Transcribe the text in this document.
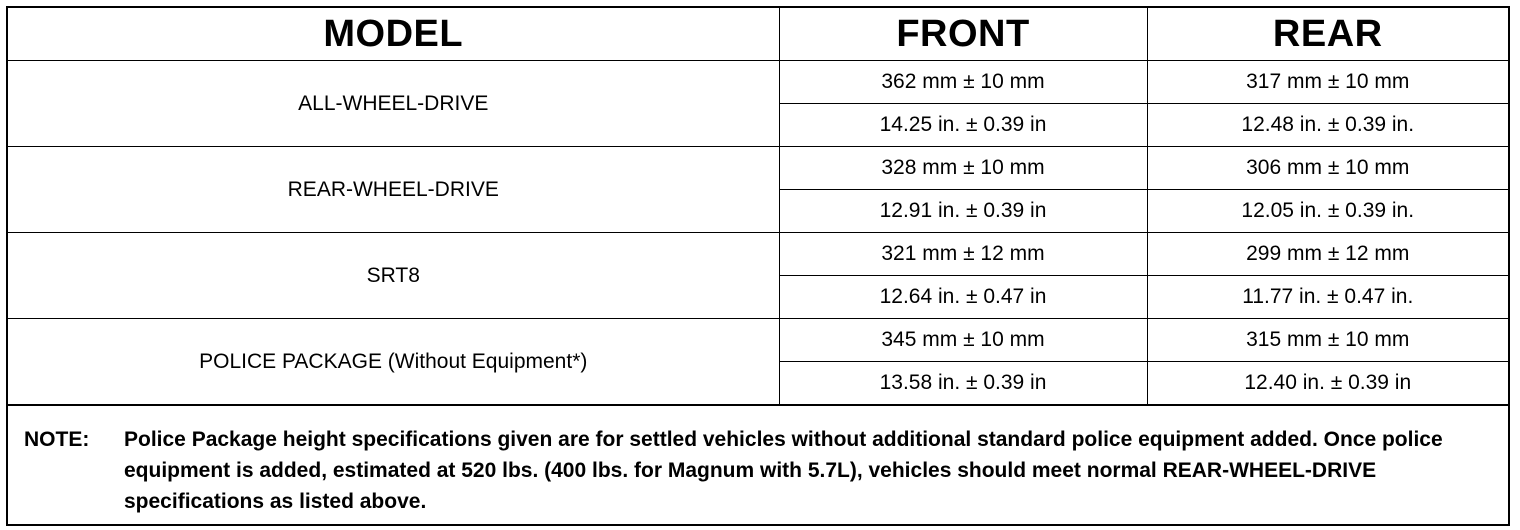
MODEL	FRONT	REAR
ALL-WHEEL-DRIVE	362 mm ± 10 mm	317 mm ± 10 mm
	14.25 in. ± 0.39 in	12.48 in. ± 0.39 in.
REAR-WHEEL-DRIVE	328 mm ± 10 mm	306 mm ± 10 mm
	12.91 in. ± 0.39 in	12.05 in. ± 0.39 in.
SRT8	321 mm ± 12 mm	299 mm ± 12 mm
	12.64 in. ± 0.47 in	11.77 in. ± 0.47 in.
POLICE PACKAGE (Without Equipment*)	345 mm ± 10 mm	315 mm ± 10 mm
	13.58 in. ± 0.39 in	12.40 in. ± 0.39 in
NOTE:	Police Package height specifications given are for settled vehicles without additional standard police equipment added. Once police equipment is added, estimated at 520 lbs. (400 lbs. for Magnum with 5.7L), vehicles should meet normal REAR-WHEEL-DRIVE specifications as listed above.
